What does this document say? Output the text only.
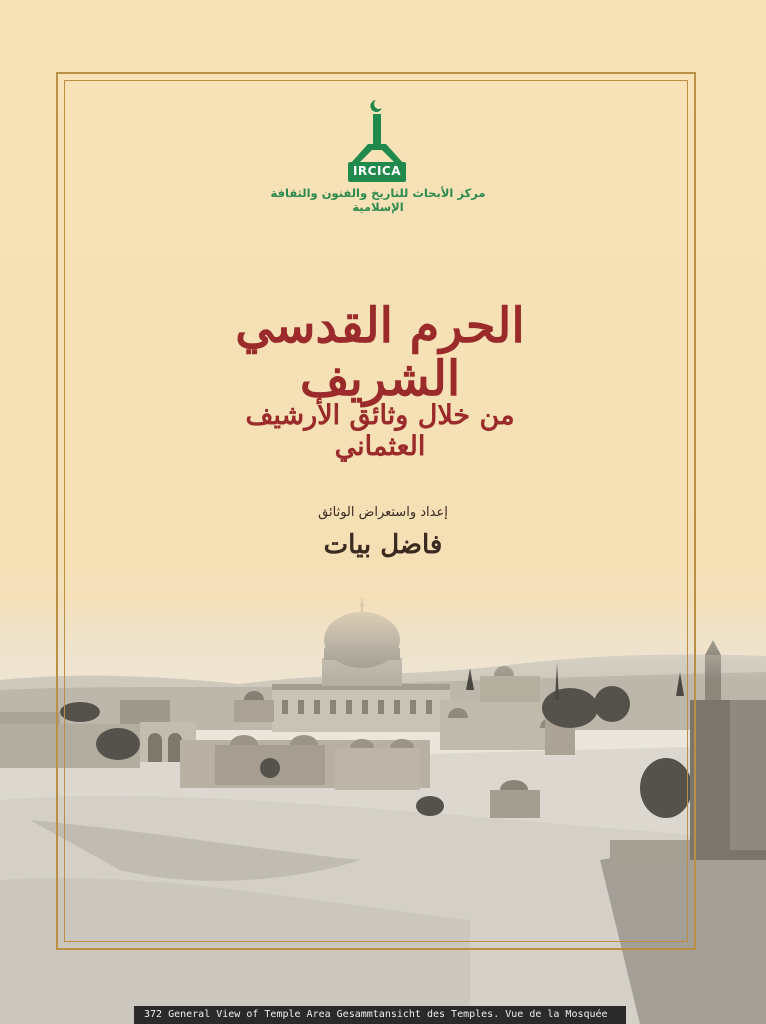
IRCICA
مركز الأبحاث للتاريخ والفنون والثقافة الإسلامية
الحرم القدسي الشريف
من خلال وثائق الأرشيف العثماني
إعداد واستعراض الوثائق
فاضل بيات
372 General View of Temple Area Gesammtansicht des Temples. Vue de la Mosquée
